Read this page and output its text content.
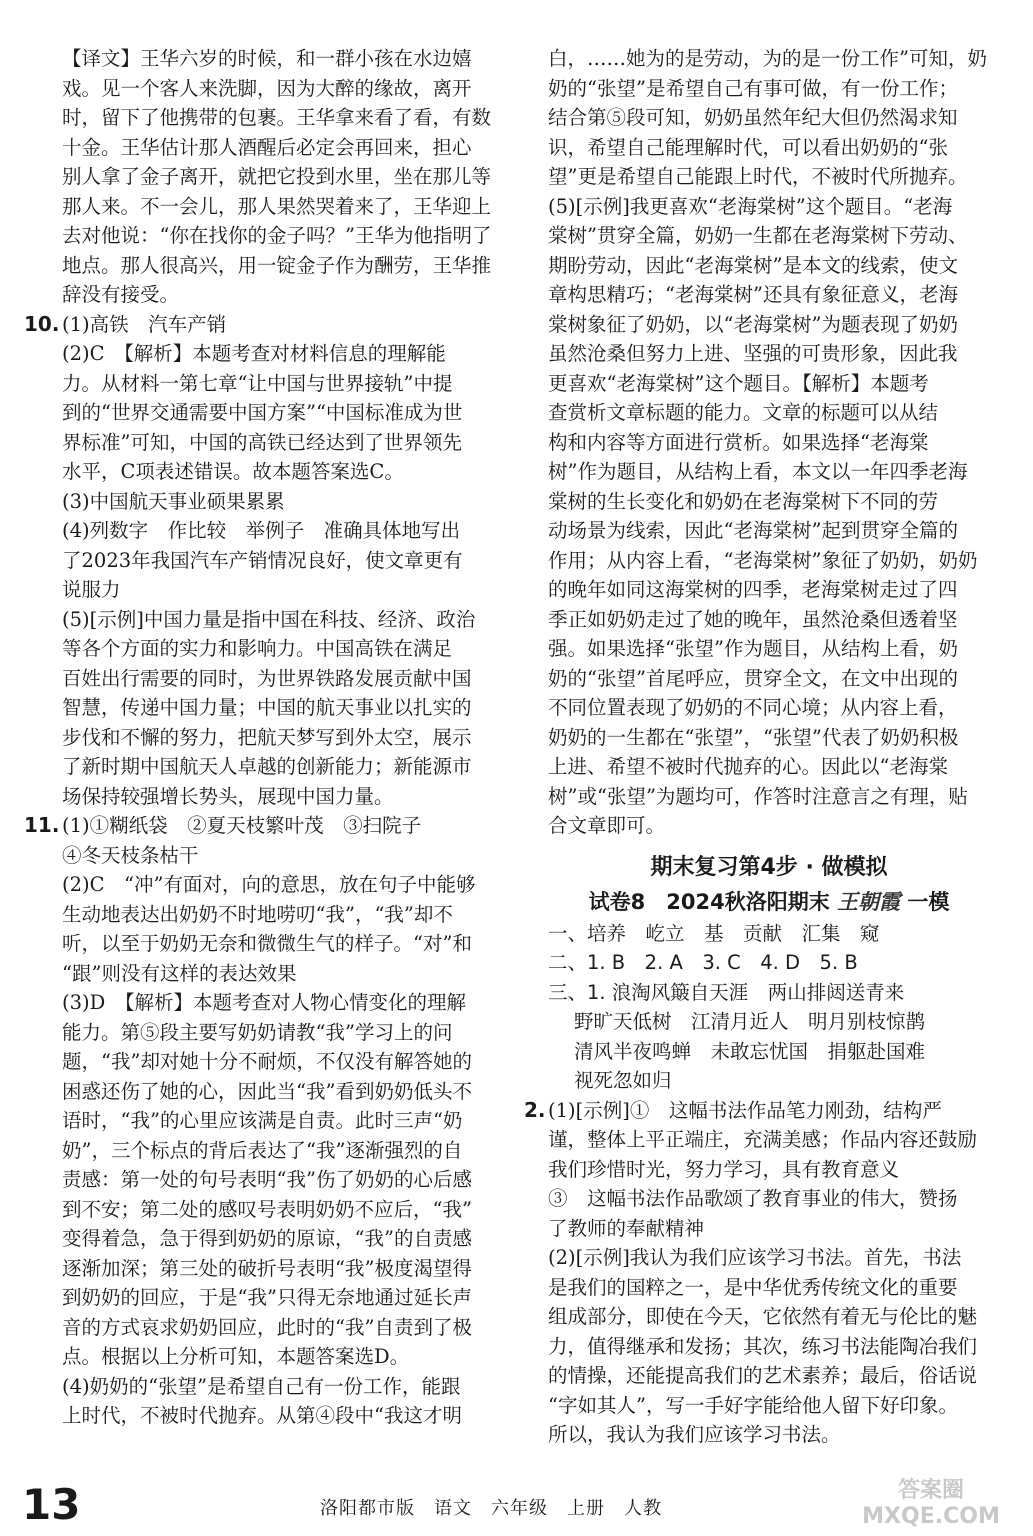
【译文】王华六岁的时候，和一群小孩在水边嬉

戏。见一个客人来洗脚，因为大醉的缘故，离开

时，留下了他携带的包裹。王华拿来看了看，有数

十金。王华估计那人酒醒后必定会再回来，担心

别人拿了金子离开，就把它投到水里，坐在那儿等

那人来。不一会儿，那人果然哭着来了，王华迎上

去对他说：“你在找你的金子吗？”王华为他指明了

地点。那人很高兴，用一锭金子作为酬劳，王华推

辞没有接受。

10. (1)高铁　汽车产销

(2)C　【解析】本题考查对材料信息的理解能

力。从材料一第七章“让中国与世界接轨”中提

到的“世界交通需要中国方案”“中国标准成为世

界标准”可知，中国的高铁已经达到了世界领先

水平，C项表述错误。故本题答案选C。

(3)中国航天事业硕果累累

(4)列数字　作比较　举例子　准确具体地写出

了2023年我国汽车产销情况良好，使文章更有

说服力

(5)[示例]中国力量是指中国在科技、经济、政治

等各个方面的实力和影响力。中国高铁在满足

百姓出行需要的同时，为世界铁路发展贡献中国

智慧，传递中国力量；中国的航天事业以扎实的

步伐和不懈的努力，把航天梦写到外太空，展示

了新时期中国航天人卓越的创新能力；新能源市

场保持较强增长势头，展现中国力量。

11. (1)①糊纸袋　②夏天枝繁叶茂　③扫院子

④冬天枝条枯干

(2)C　“冲”有面对，向的意思，放在句子中能够

生动地表达出奶奶不时地唠叨“我”，“我”却不

听，以至于奶奶无奈和微微生气的样子。“对”和

“跟”则没有这样的表达效果

(3)D　【解析】本题考查对人物心情变化的理解

能力。第⑤段主要写奶奶请教“我”学习上的问

题，“我”却对她十分不耐烦，不仅没有解答她的

困惑还伤了她的心，因此当“我”看到奶奶低头不

语时，“我”的心里应该满是自责。此时三声“奶

奶”，三个标点的背后表达了“我”逐渐强烈的自

责感：第一处的句号表明“我”伤了奶奶的心后感

到不安；第二处的感叹号表明奶奶不应后，“我”

变得着急，急于得到奶奶的原谅，“我”的自责感

逐渐加深；第三处的破折号表明“我”极度渴望得

到奶奶的回应，于是“我”只得无奈地通过延长声

音的方式哀求奶奶回应，此时的“我”自责到了极

点。根据以上分析可知，本题答案选D。

(4)奶奶的“张望”是希望自己有一份工作，能跟

上时代，不被时代抛弃。从第④段中“我这才明

白，……她为的是劳动，为的是一份工作”可知，奶

奶的“张望”是希望自己有事可做，有一份工作；

结合第⑤段可知，奶奶虽然年纪大但仍然渴求知

识，希望自己能理解时代，可以看出奶奶的“张

望”更是希望自己能跟上时代，不被时代所抛弃。

(5)[示例]我更喜欢“老海棠树”这个题目。“老海

棠树”贯穿全篇，奶奶一生都在老海棠树下劳动、

期盼劳动，因此“老海棠树”是本文的线索，使文

章构思精巧；“老海棠树”还具有象征意义，老海

棠树象征了奶奶，以“老海棠树”为题表现了奶奶

虽然沧桑但努力上进、坚强的可贵形象，因此我

更喜欢“老海棠树”这个题目。【解析】本题考

查赏析文章标题的能力。文章的标题可以从结

构和内容等方面进行赏析。如果选择“老海棠

树”作为题目，从结构上看，本文以一年四季老海

棠树的生长变化和奶奶在老海棠树下不同的劳

动场景为线索，因此“老海棠树”起到贯穿全篇的

作用；从内容上看，“老海棠树”象征了奶奶，奶奶

的晚年如同这海棠树的四季，老海棠树走过了四

季正如奶奶走过了她的晚年，虽然沧桑但透着坚

强。如果选择“张望”作为题目，从结构上看，奶

奶的“张望”首尾呼应，贯穿全文，在文中出现的

不同位置表现了奶奶的不同心境；从内容上看，

奶奶的一生都在“张望”，“张望”代表了奶奶积极

上进、希望不被时代抛弃的心。因此以“老海棠

树”或“张望”为题均可，作答时注意言之有理，贴

合文章即可。

期末复习第4步 · 做模拟
试卷8　2024秋洛阳期末 王朝霞 一模

一、培养　屹立　基　贡献　汇集　窥

二、1. B　2. A　3. C　4. D　5. B

三、1. 浪淘风簸自天涯　两山排闼送青来

野旷天低树　江清月近人　明月别枝惊鹊

清风半夜鸣蝉　未敢忘忧国　捐躯赴国难

视死忽如归

2. (1)[示例]①　这幅书法作品笔力刚劲，结构严

谨，整体上平正端庄，充满美感；作品内容还鼓励

我们珍惜时光，努力学习，具有教育意义

③　这幅书法作品歌颂了教育事业的伟大，赞扬

了教师的奉献精神

(2)[示例]我认为我们应该学习书法。首先，书法

是我们的国粹之一，是中华优秀传统文化的重要

组成部分，即使在今天，它依然有着无与伦比的魅

力，值得继承和发扬；其次，练习书法能陶冶我们

的情操，还能提高我们的艺术素养；最后，俗话说

“字如其人”，写一手好字能给他人留下好印象。

所以，我认为我们应该学习书法。

13	洛阳都市版　语文　六年级　上册　人教
答案圈
MXQE.COM
